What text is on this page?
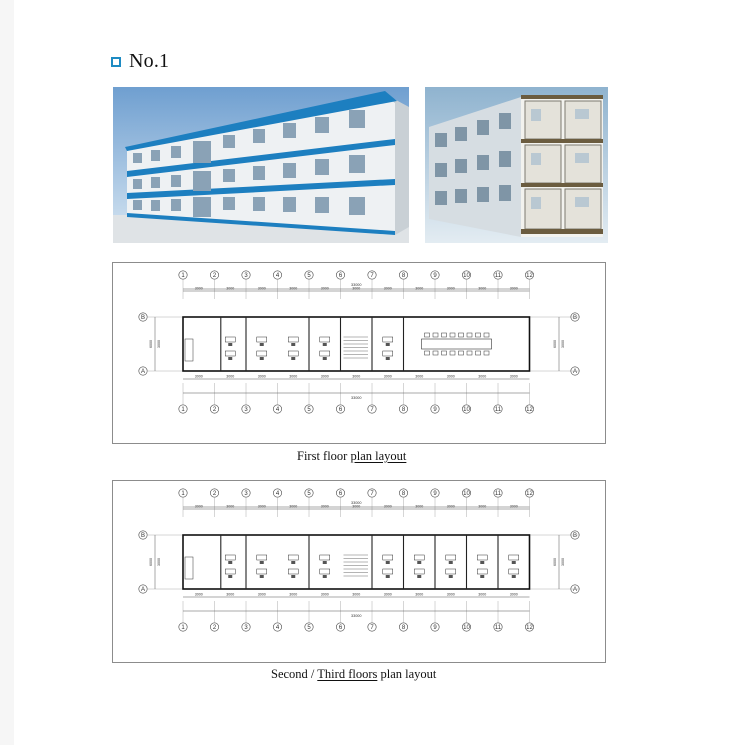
No.1
1
1
2
2
3
3
4
4
5
5
6
6
7
7
8
8
9
9
10
10
11
11
12
12
3000	3000	3000	3000	3000	3000	3000	3000	3000	3000	3000
3000	3000	3000	3000	3000	3000	3000	3000	3000	3000	3000
33000
33000
B	B
A	A
6000 3000	6000 3000
First floor plan layout
1
1
2
2
3
3
4
4
5
5
6
6
7
7
8
8
9
9
10
10
11
11
12
12
3000	3000	3000	3000	3000	3000	3000	3000	3000	3000	3000
3000	3000	3000	3000	3000	3000	3000	3000	3000	3000	3000
33000
33000
B	B
A	A
6000 3000	6000 3000
Second / Third floors plan layout
